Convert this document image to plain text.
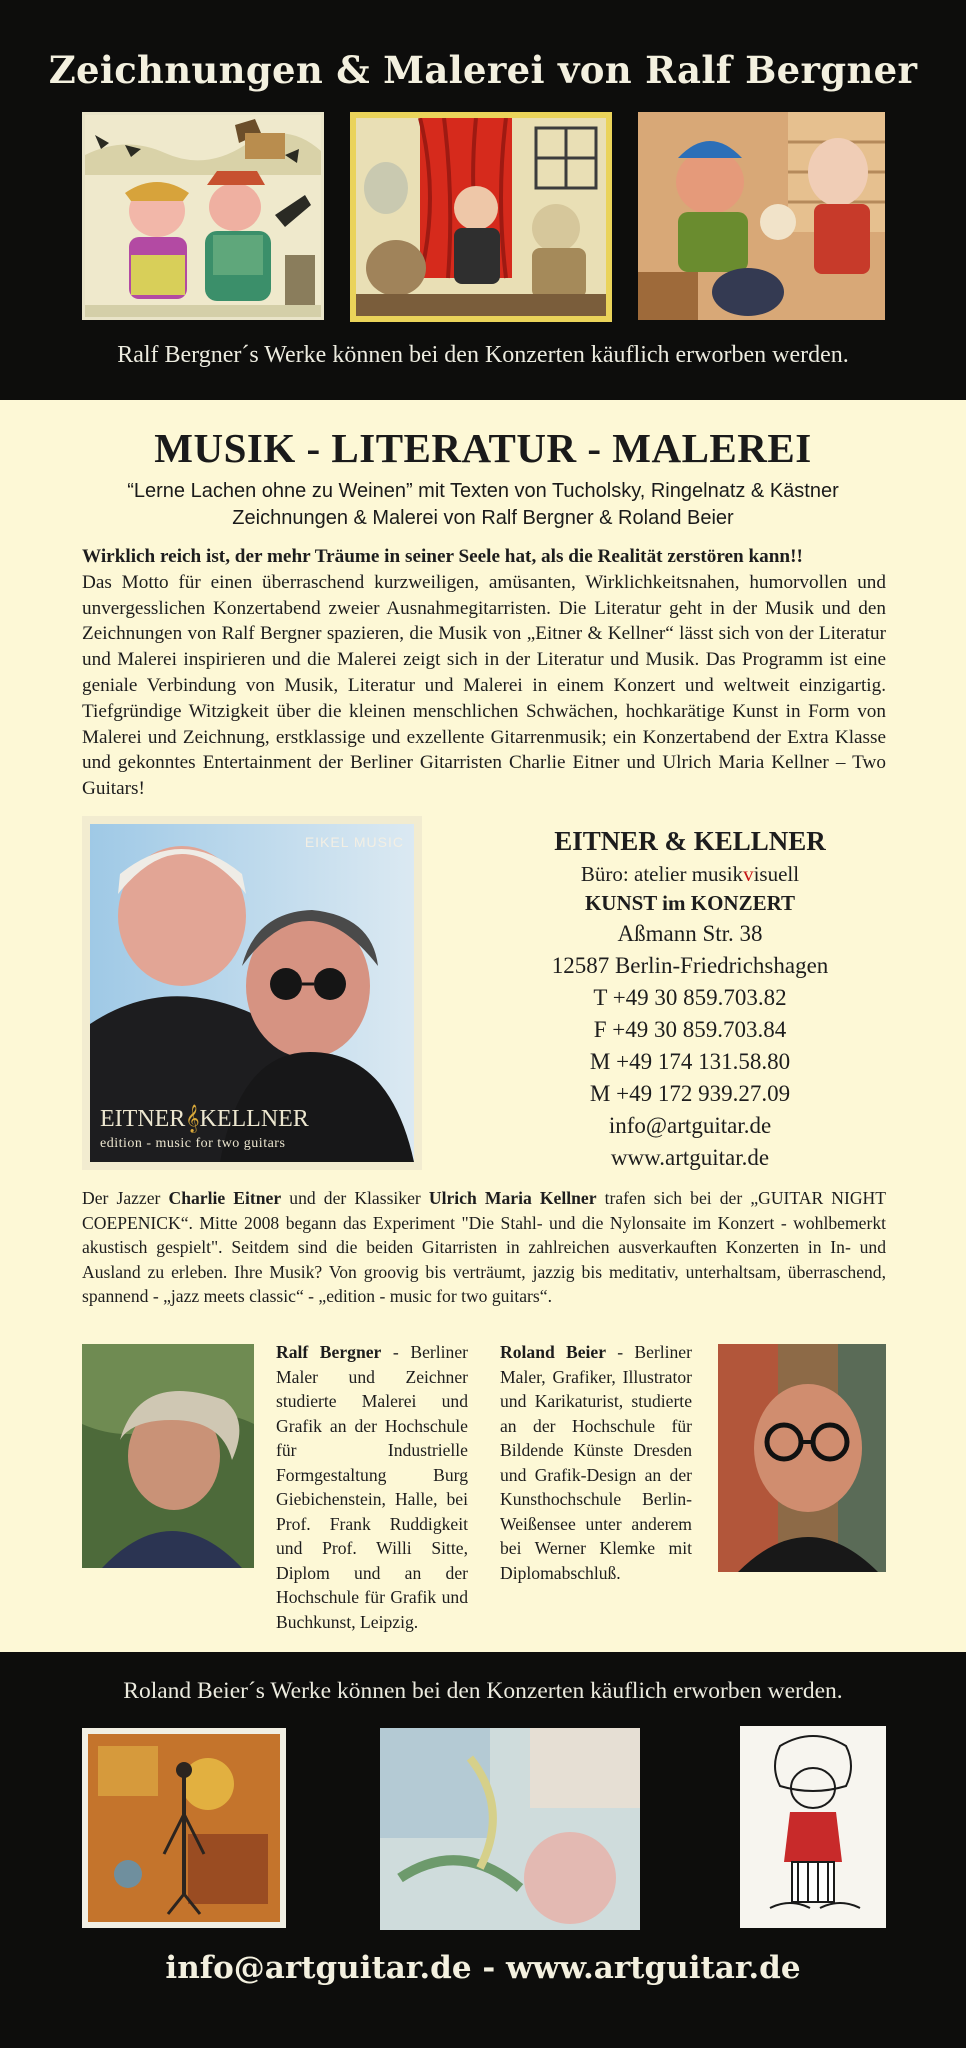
Zeichnungen & Malerei von Ralf Bergner
Ralf Bergner´s Werke können bei den Konzerten käuflich erworben werden.
MUSIK - LITERATUR - MALEREI
“Lerne Lachen ohne zu Weinen” mit Texten von Tucholsky, Ringelnatz & Kästner
Zeichnungen & Malerei von Ralf Bergner & Roland Beier
Wirklich reich ist, der mehr Träume in seiner Seele hat, als die Realität zerstören kann!!
Das Motto für einen überraschend kurzweiligen, amüsanten, Wirklichkeitsnahen, humorvollen und unvergesslichen Konzertabend zweier Ausnahmegitarristen. Die Literatur geht in der Musik und den Zeichnungen von Ralf Bergner spazieren, die Musik von „Eitner & Kellner“ lässt sich von der Literatur und Malerei inspirieren und die Malerei zeigt sich in der Literatur und Musik. Das Programm ist eine geniale Verbindung von Musik, Literatur und Malerei in einem Konzert und weltweit einzigartig. Tiefgründige Witzigkeit über die kleinen menschlichen Schwächen, hochkarätige Kunst in Form von Malerei und Zeichnung, erstklassige und exzellente Gitarrenmusik; ein Konzertabend der Extra Klasse und gekonntes Entertainment der Berliner Gitarristen Charlie Eitner und Ulrich Maria Kellner – Two Guitars!
EIKEL MUSIC
EITNER𝄞KELLNER
edition - music for two guitars
EITNER & KELLNER
Büro: atelier musikvisuell
KUNST im KONZERT
Aßmann Str. 38
12587 Berlin-Friedrichshagen
T +49 30 859.703.82
F +49 30 859.703.84
M +49 174 131.58.80
M +49 172 939.27.09
info@artguitar.de
www.artguitar.de
Der Jazzer Charlie Eitner und der Klassiker Ulrich Maria Kellner trafen sich bei der „GUITAR NIGHT COEPENICK“. Mitte 2008 begann das Experiment "Die Stahl- und die Nylonsaite im Konzert - wohlbemerkt akustisch gespielt". Seitdem sind die beiden Gitarristen in zahlreichen ausverkauften Konzerten in In- und Ausland zu erleben. Ihre Musik? Von groovig bis verträumt, jazzig bis meditativ, unterhaltsam, überraschend, spannend - „jazz meets classic“ - „edition - music for two guitars“.
Ralf Bergner - Berliner Maler und Zeichner studierte Malerei und Grafik an der Hochschule für Industrielle Formgestaltung Burg Giebichenstein, Halle, bei Prof. Frank Ruddigkeit und Prof. Willi Sitte, Diplom und an der Hochschule für Grafik und Buchkunst, Leipzig.
Roland Beier - Berliner Maler, Grafiker, Illustrator und Karikaturist, studierte an der Hochschule für Bildende Künste Dresden und Grafik-Design an der Kunsthochschule Berlin-Weißensee unter anderem bei Werner Klemke mit Diplomabschluß.
Roland Beier´s Werke können bei den Konzerten käuflich erworben werden.
info@artguitar.de - www.artguitar.de
